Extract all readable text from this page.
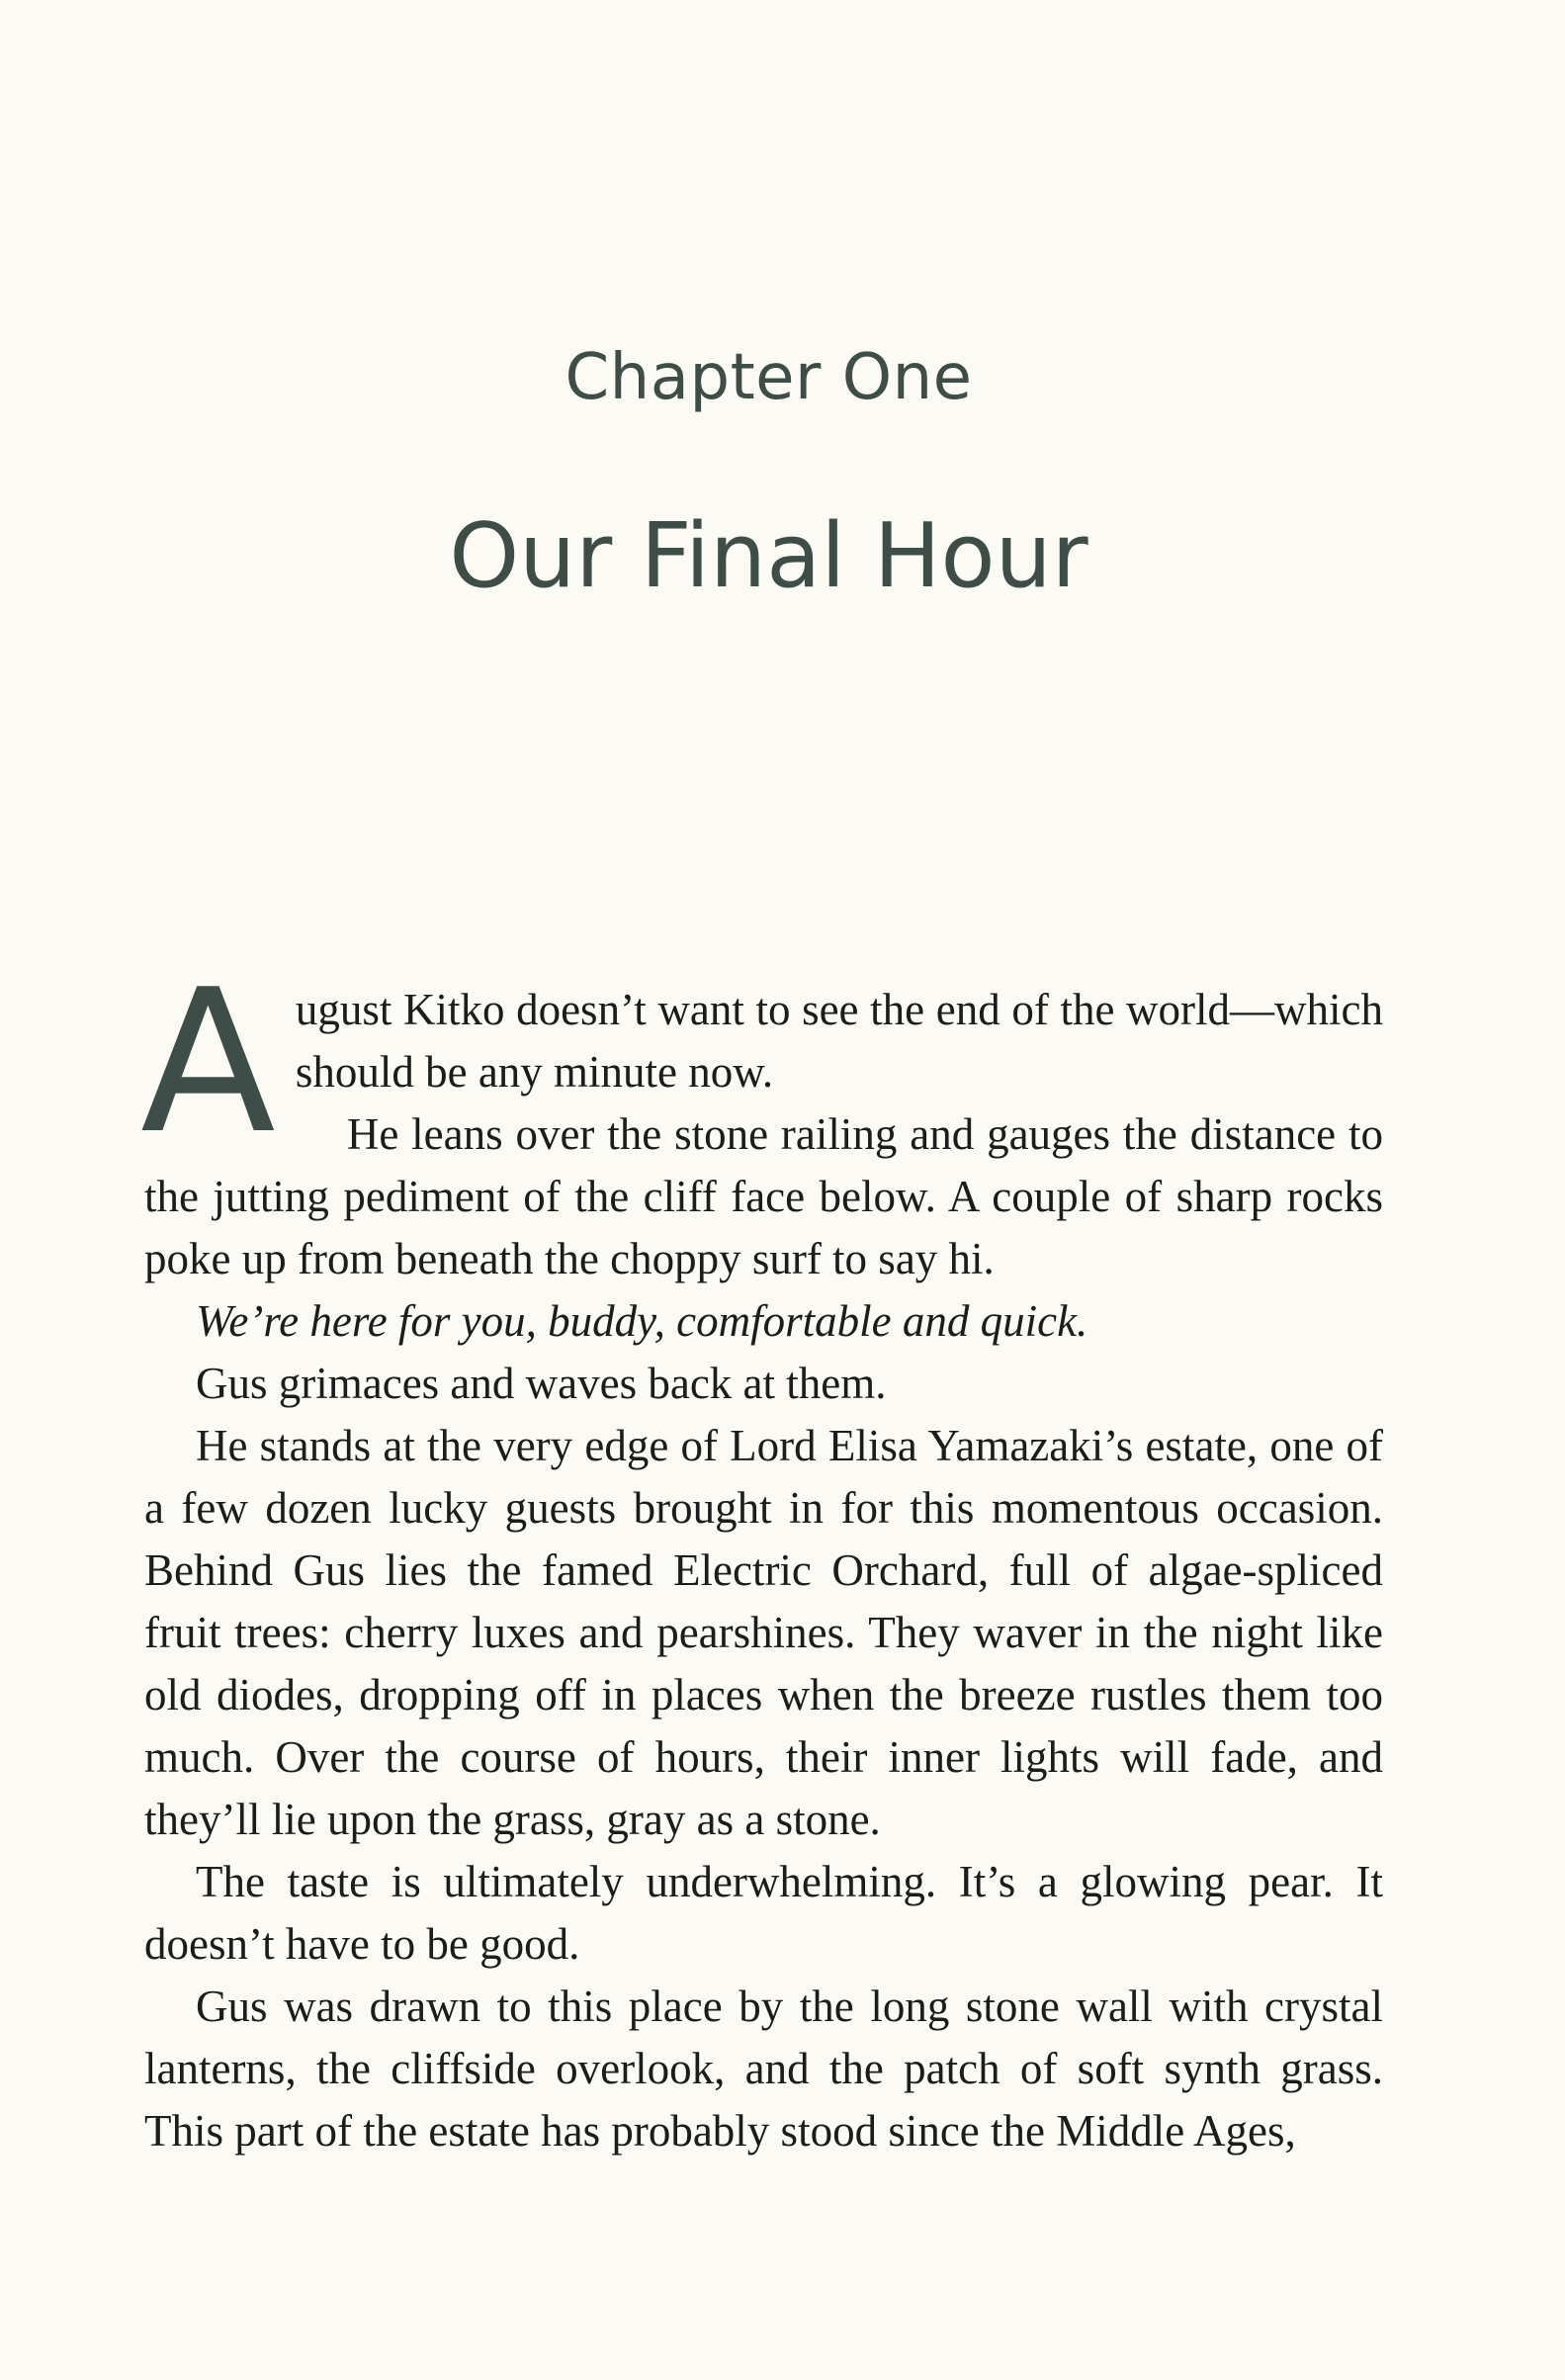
Chapter One
Our Final Hour

August Kitko doesn’t want to see the end of the world—which should be any minute now.

He leans over the stone railing and gauges the distance to the jutting pediment of the cliff face below. A couple of sharp rocks poke up from beneath the choppy surf to say hi.

We’re here for you, buddy, comfortable and quick.

Gus grimaces and waves back at them.

He stands at the very edge of Lord Elisa Yamazaki’s estate, one of a few dozen lucky guests brought in for this momentous occasion. Behind Gus lies the famed Electric Orchard, full of algae-spliced fruit trees: cherry luxes and pearshines. They waver in the night like old diodes, dropping off in places when the breeze rustles them too much. Over the course of hours, their inner lights will fade, and they’ll lie upon the grass, gray as a stone.

The taste is ultimately underwhelming. It’s a glowing pear. It doesn’t have to be good.

Gus was drawn to this place by the long stone wall with crystal lanterns, the cliffside overlook, and the patch of soft synth grass. This part of the estate has probably stood since the Middle Ages,
